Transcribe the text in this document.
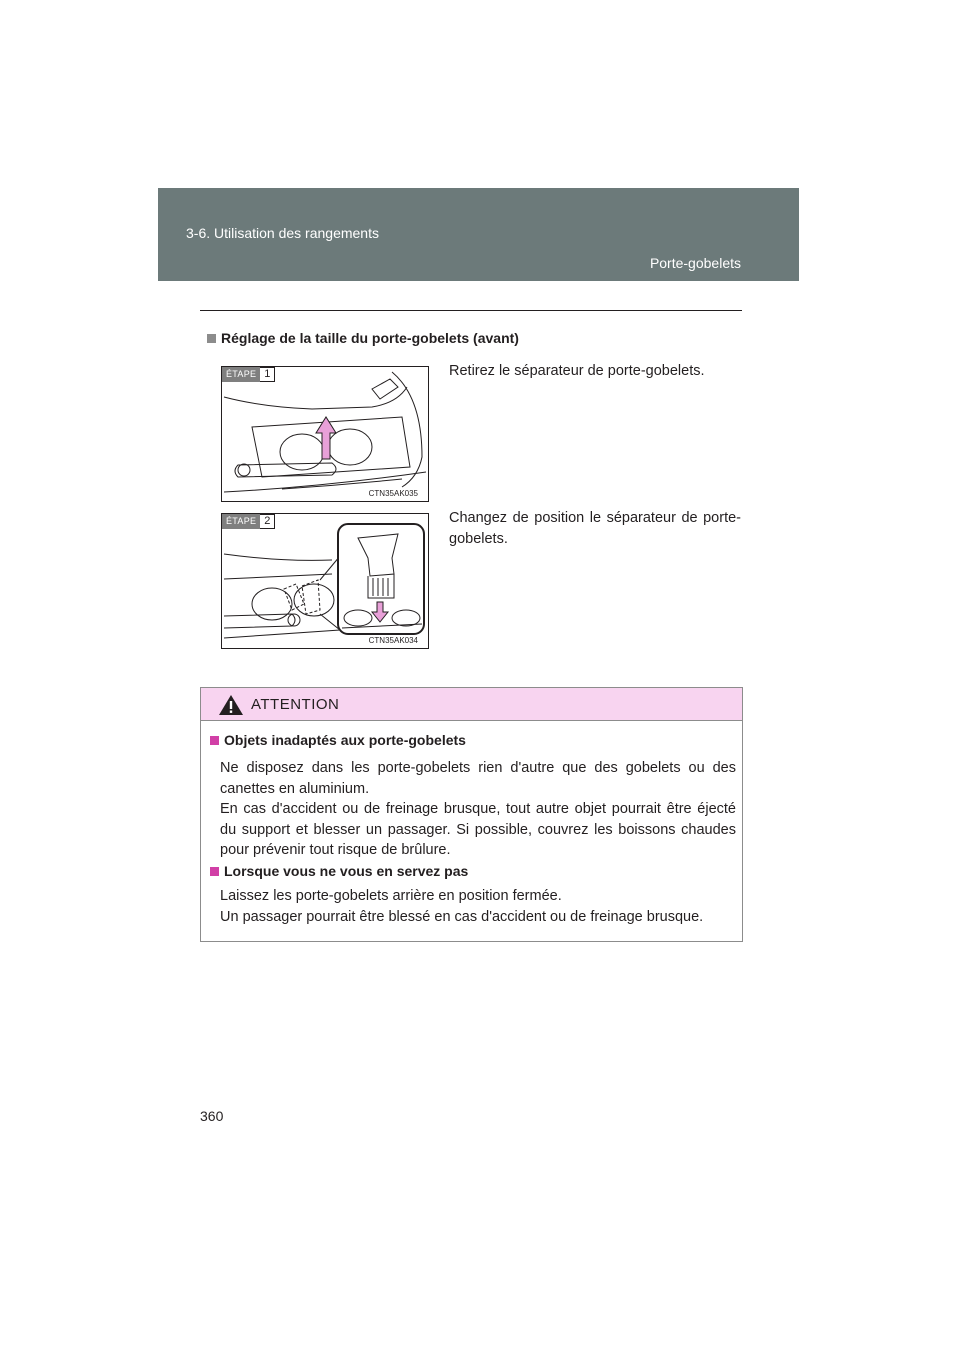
3-6. Utilisation des rangements
Porte-gobelets
Réglage de la taille du porte-gobelets (avant)
ÉTAPE 1
CTN35AK035
Retirez le séparateur de porte-gobelets.
ÉTAPE 2
CTN35AK034
Changez de position le séparateur de porte-gobelets.
ATTENTION
Objets inadaptés aux porte-gobelets
Ne disposez dans les porte-gobelets rien d'autre que des gobelets ou des canettes en aluminium.
En cas d'accident ou de freinage brusque, tout autre objet pourrait être éjecté du support et blesser un passager. Si possible, couvrez les boissons chaudes pour prévenir tout risque de brûlure.
Lorsque vous ne vous en servez pas
Laissez les porte-gobelets arrière en position fermée.
Un passager pourrait être blessé en cas d'accident ou de freinage brusque.
360
